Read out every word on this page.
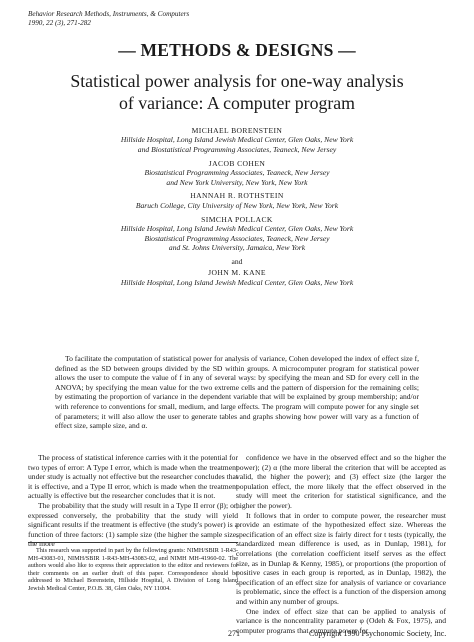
Behavior Research Methods, Instruments, & Computers
1990, 22 (3), 271-282
— METHODS & DESIGNS —
Statistical power analysis for one-way analysis
of variance: A computer program
MICHAEL BORENSTEIN
Hillside Hospital, Long Island Jewish Medical Center, Glen Oaks, New York
and Biostatistical Programming Associates, Teaneck, New Jersey
JACOB COHEN
Biostatistical Programming Associates, Teaneck, New Jersey
and New York University, New York, New York
HANNAH R. ROTHSTEIN
Baruch College, City University of New York, New York, New York
SIMCHA POLLACK
Hillside Hospital, Long Island Jewish Medical Center, Glen Oaks, New York
Biostatistical Programming Associates, Teaneck, New Jersey
and St. Johns University, Jamaica, New York
and
JOHN M. KANE
Hillside Hospital, Long Island Jewish Medical Center, Glen Oaks, New York
To facilitate the computation of statistical power for analysis of variance, Cohen developed the index of effect size f, defined as the SD between groups divided by the SD within groups. A microcomputer program for statistical power allows the user to compute the value of f in any of several ways: by specifying the mean and SD for every cell in the ANOVA; by specifying the mean value for the two extreme cells and the pattern of dispersion for the remaining cells; by estimating the proportion of variance in the dependent variable that will be explained by group membership; and/or with reference to conventions for small, medium, and large effects. The program will compute power for any single set of parameters; it will also allow the user to generate tables and graphs showing how power will vary as a function of effect size, sample size, and α.

The process of statistical inference carries with it the potential for two types of error: A Type I error, which is made when the treatment under study is actually not effective but the researcher concludes that it is effective, and a Type II error, which is made when the treatment actually is effective but the researcher concludes that it is not.

The probability that the study will result in a Type II error (β); or, expressed conversely, the probability that the study will yield significant results if the treatment is effective (the study's power) is a function of three factors: (1) sample size (the higher the sample size, the more

confidence we have in the observed effect and so the higher the power); (2) α (the more liberal the criterion that will be accepted as valid, the higher the power); and (3) effect size (the larger the population effect, the more likely that the effect observed in the study will meet the criterion for statistical significance, and the higher the power).

It follows that in order to compute power, the researcher must provide an estimate of the hypothesized effect size. Whereas the specification of an effect size is fairly direct for t tests (typically, the standardized mean difference is used, as in Dunlap, 1981), for correlations (the correlation coefficient itself serves as the effect size, as in Dunlap & Kenny, 1985), or proportions (the proportion of positive cases in each group is reported, as in Dunlap, 1982), the specification of an effect size for analysis of variance or covariance is problematic, since the effect is a function of the dispersion among and within any number of groups.

One index of effect size that can be applied to analysis of variance is the noncentrality parameter φ (Odeh & Fox, 1975), and computer programs that compute power for

This research was supported in part by the following grants: NIMH/SBIR 1-R43-MH-43083-01, NIMH/SBIR 1-R43-MH-43083-02, and NIMH MH-41960-02. The authors would also like to express their appreciation to the editor and reviewers for their comments on an earlier draft of this paper. Correspondence should be addressed to Michael Borenstein, Hillside Hospital, A Division of Long Island Jewish Medical Center, P.O.B. 38, Glen Oaks, NY 11004.
271	Copyright 1990 Psychonomic Society, Inc.
